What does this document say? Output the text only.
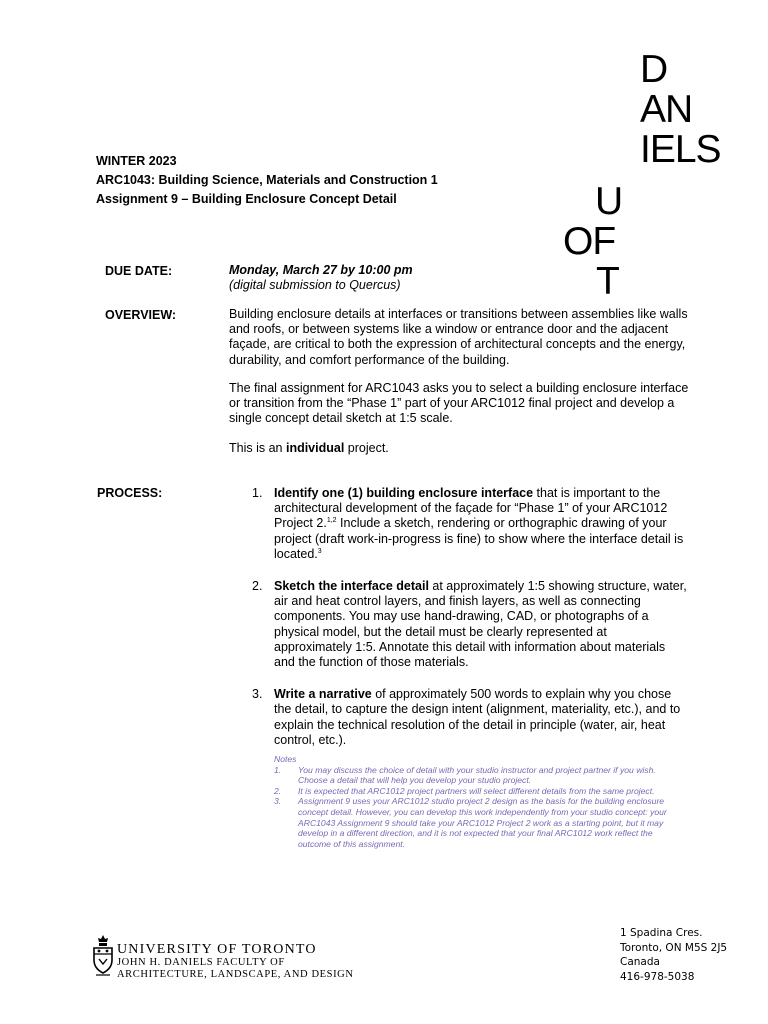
D
AN
IELS
U
OF
T
WINTER 2023
ARC1043: Building Science, Materials and Construction 1
Assignment 9 – Building Enclosure Concept Detail
DUE DATE:	Monday, March 27 by 10:00 pm
(digital submission to Quercus)
OVERVIEW:	Building enclosure details at interfaces or transitions between assemblies like walls and roofs, or between systems like a window or entrance door and the adjacent façade, are critical to both the expression of architectural concepts and the energy, durability, and comfort performance of the building.
The final assignment for ARC1043 asks you to select a building enclosure interface or transition from the “Phase 1” part of your ARC1012 final project and develop a single concept detail sketch at 1:5 scale.
This is an individual project.
PROCESS:	1. Identify one (1) building enclosure interface that is important to the architectural development of the façade for “Phase 1” of your ARC1012 Project 2.$^{1,2}$ Include a sketch, rendering or orthographic drawing of your project (draft work-in-progress is fine) to show where the interface detail is located.$^3$
2. Sketch the interface detail at approximately 1:5 showing structure, water, air and heat control layers, and finish layers, as well as connecting components. You may use hand-drawing, CAD, or photographs of a physical model, but the detail must be clearly represented at approximately 1:5. Annotate this detail with information about materials and the function of those materials.
3. Write a narrative of approximately 500 words to explain why you chose the detail, to capture the design intent (alignment, materiality, etc.), and to explain the technical resolution of the detail in principle (water, air, heat control, etc.).
Notes
1. You may discuss the choice of detail with your studio instructor and project partner if you wish. Choose a detail that will help you develop your studio project.
2. It is expected that ARC1012 project partners will select different details from the same project.
3. Assignment 9 uses your ARC1012 studio project 2 design as the basis for the building enclosure concept detail. However, you can develop this work independently from your studio concept: your ARC1043 Assignment 9 should take your ARC1012 Project 2 work as a starting point, but it may develop in a different direction, and it is not expected that your final ARC1012 work reflect the outcome of this assignment.
UNIVERSITY OF TORONTO
JOHN H. DANIELS FACULTY OF
ARCHITECTURE, LANDSCAPE, AND DESIGN
1 Spadina Cres.
Toronto, ON M5S 2J5
Canada
416-978-5038
